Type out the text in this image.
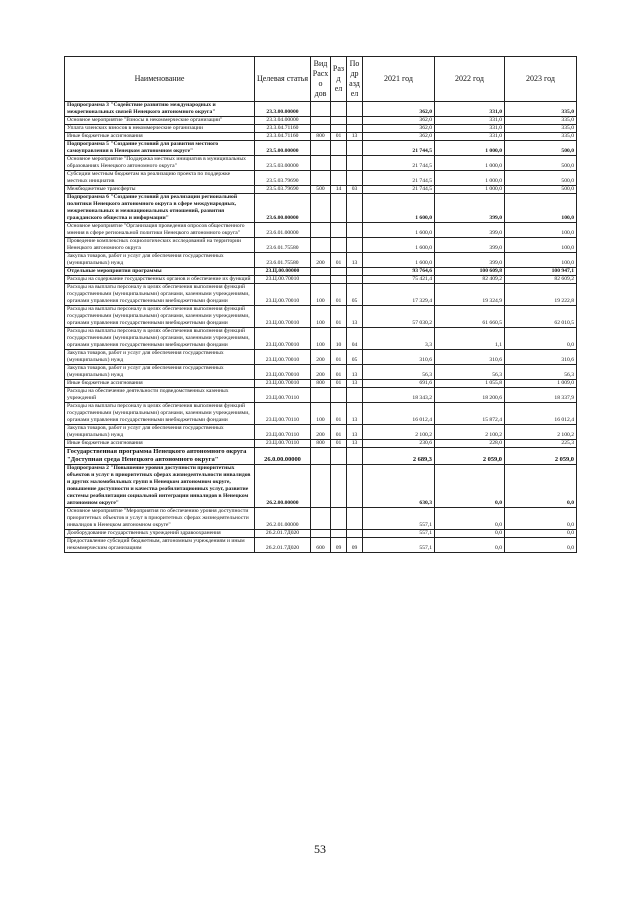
Наименование	Целевая статья	Вид Расхо дов	Разд ел	Подр аздел	2021 год	2022 год	2023 год
Подпрограмма 3 "Содействие развитию международных и межрегиональных связей Ненецкого автономного округа"	23.3.00.00000				362,0	331,0	335,0
Основное мероприятие "Взносы в некоммерческие организации"	23.3.04.00000				362,0	331,0	335,0
Уплата членских взносов в некоммерческие организации	23.3.04.71160				362,0	331,0	335,0
Иные бюджетные ассигнования	23.3.04.71160	800	01	13	362,0	331,0	335,0
Подпрограмма 5 "Создание условий для развития местного самоуправления в Ненецком автономном округе"	23.5.00.00000				21 744,5	1 000,0	500,0
Основное мероприятие "Поддержка местных инициатив в муниципальных образованиях Ненецкого автономного округа"	23.5.03.00000				21 744,5	1 000,0	500,0
Субсидии местным бюджетам на реализацию проекта по поддержке местных инициатив	23.5.03.79690				21 744,5	1 000,0	500,0
Межбюджетные трансферты	23.5.03.79690	500	14	03	21 744,5	1 000,0	500,0
Подпрограмма 6 "Создание условий для реализации региональной политики Ненецкого автономного округа в сфере международных, межрегиональных и межнациональных отношений, развития гражданского общества и информации"	23.6.00.00000				1 600,0	399,0	100,0
Основное мероприятие "Организация проведения опросов общественного мнения в сфере региональной политики Ненецкого автономного округа"	23.6.01.00000				1 600,0	399,0	100,0
Проведение комплексных социологических исследований на территории Ненецкого автономного округа	23.6.01.75580				1 600,0	399,0	100,0
Закупка товаров, работ и услуг для обеспечения государственных (муниципальных) нужд	23.6.01.75580	200	01	13	1 600,0	399,0	100,0
Отдельные мероприятия программы	23.Ц.00.00000				93 764,6	100 609,8	100 947,1
Расходы на содержание государственных органов и обеспечение их функций	23.Ц.00.70010				75 421,4	82 409,2	82 609,2
Расходы на выплаты персоналу в целях обеспечения выполнения функций государственными (муниципальными) органами, казенными учреждениями, органами управления государственными внебюджетными фондами	23.Ц.00.70010	100	01	05	17 329,4	19 324,9	19 222,8
Расходы на выплаты персоналу в целях обеспечения выполнения функций государственными (муниципальными) органами, казенными учреждениями, органами управления государственными внебюджетными фондами	23.Ц.00.70010	100	01	13	57 030,2	61 660,5	62 010,5
Расходы на выплаты персоналу в целях обеспечения выполнения функций государственными (муниципальными) органами, казенными учреждениями, органами управления государственными внебюджетными фондами	23.Ц.00.70010	100	10	04	3,3	1,1	0,0
Закупка товаров, работ и услуг для обеспечения государственных (муниципальных) нужд	23.Ц.00.70010	200	01	05	310,6	310,6	310,6
Закупка товаров, работ и услуг для обеспечения государственных (муниципальных) нужд	23.Ц.00.70010	200	01	13	56,3	56,3	56,3
Иные бюджетные ассигнования	23.Ц.00.70010	800	01	13	691,6	1 055,8	1 009,0
Расходы на обеспечение деятельности подведомственных казенных учреждений	23.Ц.00.70110				18 343,2	18 200,6	18 337,9
Расходы на выплаты персоналу в целях обеспечения выполнения функций государственными (муниципальными) органами, казенными учреждениями, органами управления государственными внебюджетными фондами	23.Ц.00.70110	100	01	13	16 012,4	15 872,4	16 012,4
Закупка товаров, работ и услуг для обеспечения государственных (муниципальных) нужд	23.Ц.00.70110	200	01	13	2 100,2	2 100,2	2 100,2
Иные бюджетные ассигнования	23.Ц.00.70110	800	01	13	230,6	228,0	225,3
Государственная программа Ненецкого автономного округа "Доступная среда Ненецкого автономного округа"	26.0.00.00000				2 689,3	2 059,0	2 059,0
Подпрограмма 2 "Повышение уровня доступности приоритетных объектов и услуг в приоритетных сферах жизнедеятельности инвалидов и других маломобильных групп в Ненецком автономном округе, повышение доступности и качества реабилитационных услуг, развитие системы реабилитации социальной интеграции инвалидов в Ненецком автономном округе"	26.2.00.00000				630,3	0,0	0,0
Основное мероприятие "Мероприятия по обеспечению уровня доступности приоритетных объектов и услуг в приоритетных сферах жизнедеятельности инвалидов в Ненецком автономном округе"	26.2.01.00000				557,1	0,0	0,0
Дооборудование государственных учреждений здравоохранения	26.2.01.7Д020				557,1	0,0	0,0
Предоставление субсидий бюджетным, автономным учреждениям и иным некоммерческим организациям	26.2.01.7Д020	600	09	09	557,1	0,0	0,0
53
